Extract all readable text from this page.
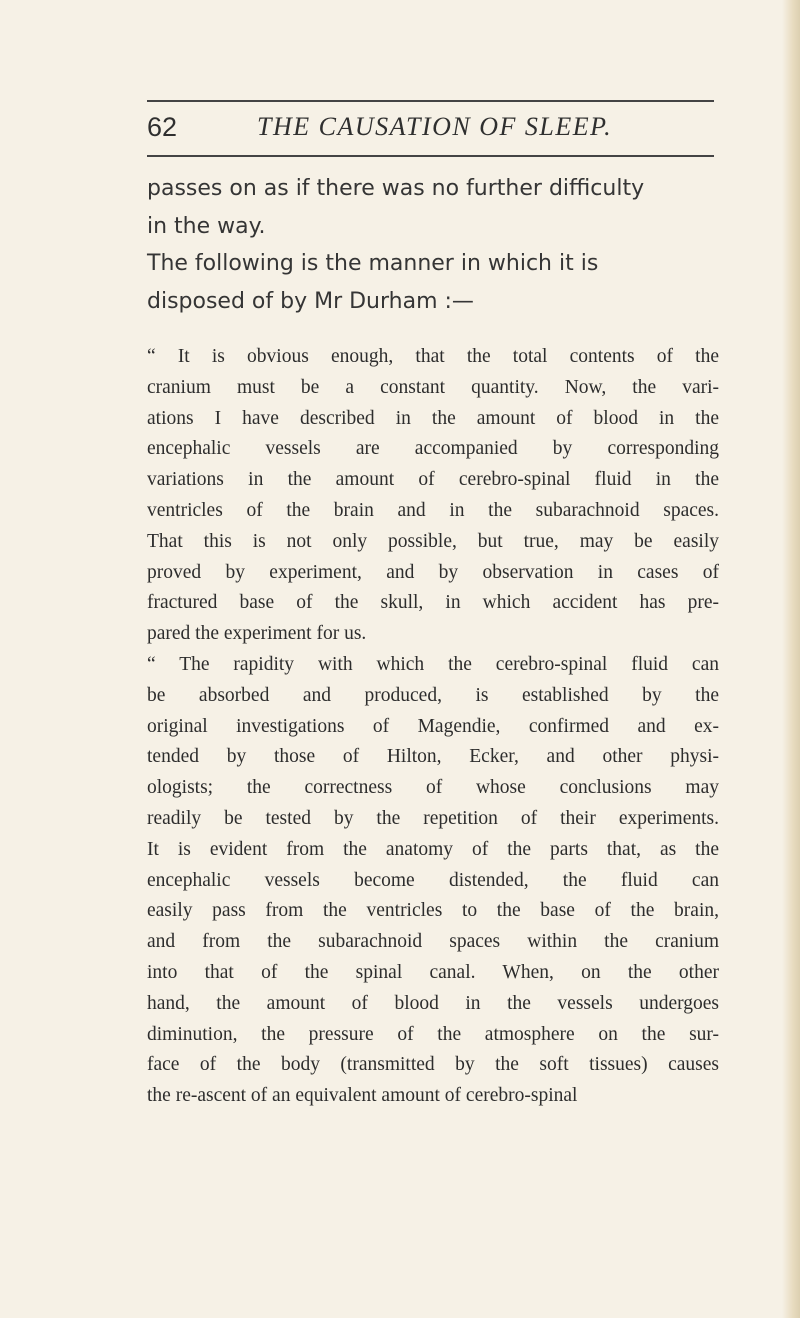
62	THE CAUSATION OF SLEEP.

passes on as if there was no further difficulty
in the way.

The following is the manner in which it is
disposed of by Mr Durham :—

“ It is obvious enough, that the total contents of the
cranium must be a constant quantity. Now, the vari-
ations I have described in the amount of blood in the
encephalic vessels are accompanied by corresponding
variations in the amount of cerebro-spinal fluid in the
ventricles of the brain and in the subarachnoid spaces.
That this is not only possible, but true, may be easily
proved by experiment, and by observation in cases of
fractured base of the skull, in which accident has pre-
pared the experiment for us.

“ The rapidity with which the cerebro-spinal fluid can
be absorbed and produced, is established by the
original investigations of Magendie, confirmed and ex-
tended by those of Hilton, Ecker, and other physi-
ologists; the correctness of whose conclusions may
readily be tested by the repetition of their experiments.
It is evident from the anatomy of the parts that, as the
encephalic vessels become distended, the fluid can
easily pass from the ventricles to the base of the brain,
and from the subarachnoid spaces within the cranium
into that of the spinal canal. When, on the other
hand, the amount of blood in the vessels undergoes
diminution, the pressure of the atmosphere on the sur-
face of the body (transmitted by the soft tissues) causes
the re-ascent of an equivalent amount of cerebro-spinal
